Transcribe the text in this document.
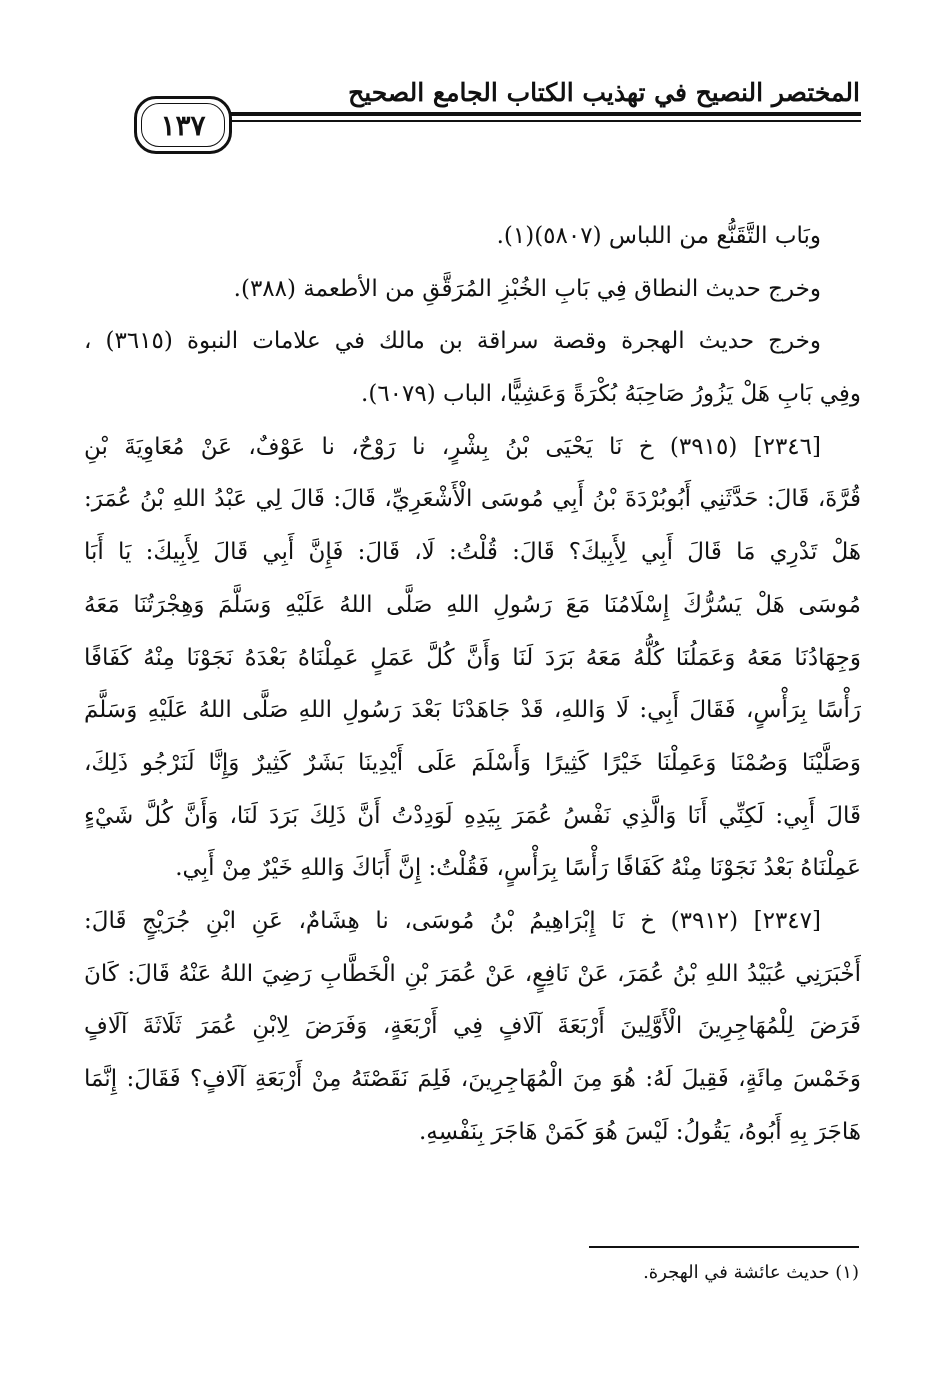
المختصر النصيح في تهذيب الكتاب الجامع الصحيح
١٣٧
وبَاب التَّقَنُّع من اللباس (٥٨٠٧)(١).
وخرج حديث النطاق فِي بَابِ الخُبْزِ المُرَقَّقِ من الأطعمة (٣٨٨).
وخرج حديث الهجرة وقصة سراقة بن مالك في علامات النبوة (٣٦١٥) ،
وفِي بَابِ هَلْ يَزُورُ صَاحِبَهُ بُكْرَةً وَعَشِيًّا، الباب (٦٠٧٩).
[٢٣٤٦] (٣٩١٥) خ نَا يَحْيَى بْنُ بِشْرٍ، نا رَوْحٌ، نا عَوْفٌ، عَنْ مُعَاوِيَةَ بْنِ
قُرَّةَ، قَالَ: حَدَّثَنِي أَبُوبُرْدَةَ بْنُ أَبِي مُوسَى الْأَشْعَرِيِّ، قَالَ: قَالَ لِي عَبْدُ اللهِ بْنُ عُمَرَ:
هَلْ تَدْرِي مَا قَالَ أَبِي لِأَبِيكَ؟ قَالَ: قُلْتُ: لَا، قَالَ: فَإِنَّ أَبِي قَالَ لِأَبِيكَ: يَا أَبَا
مُوسَى هَلْ يَسُرُّكَ إِسْلَامُنَا مَعَ رَسُولِ اللهِ صَلَّى اللهُ عَلَيْهِ وَسَلَّمَ وَهِجْرَتُنَا مَعَهُ
وَجِهَادُنَا مَعَهُ وَعَمَلُنَا كُلُّهُ مَعَهُ بَرَدَ لَنَا وَأَنَّ كُلَّ عَمَلٍ عَمِلْنَاهُ بَعْدَهُ نَجَوْنَا مِنْهُ كَفَافًا
رَأْسًا بِرَأْسٍ، فَقَالَ أَبِي: لَا وَاللهِ، قَدْ جَاهَدْنَا بَعْدَ رَسُولِ اللهِ صَلَّى اللهُ عَلَيْهِ وَسَلَّمَ
وَصَلَّيْنَا وَصُمْنَا وَعَمِلْنَا خَيْرًا كَثِيرًا وَأَسْلَمَ عَلَى أَيْدِينَا بَشَرٌ كَثِيرٌ وَإِنَّا لَنَرْجُو ذَلِكَ،
قَالَ أَبِي: لَكِنِّي أَنَا وَالَّذِي نَفْسُ عُمَرَ بِيَدِهِ لَوَدِدْتُ أَنَّ ذَلِكَ بَرَدَ لَنَا، وَأَنَّ كُلَّ شَيْءٍ
عَمِلْنَاهُ بَعْدُ نَجَوْنَا مِنْهُ كَفَافًا رَأْسًا بِرَأْسٍ، فَقُلْتُ: إِنَّ أَبَاكَ وَاللهِ خَيْرٌ مِنْ أَبِي.
[٢٣٤٧] (٣٩١٢) خ نَا إِبْرَاهِيمُ بْنُ مُوسَى، نا هِشَامٌ، عَنِ ابْنِ جُرَيْجٍ قَالَ:
أَخْبَرَنِي عُبَيْدُ اللهِ بْنُ عُمَرَ، عَنْ نَافِعٍ، عَنْ عُمَرَ بْنِ الْخَطَّابِ رَضِيَ اللهُ عَنْهُ قَالَ: كَانَ
فَرَضَ لِلْمُهَاجِرِينَ الْأَوَّلِينَ أَرْبَعَةَ آلَافٍ فِي أَرْبَعَةٍ، وَفَرَضَ لِابْنِ عُمَرَ ثَلَاثَةَ آلَافٍ
وَخَمْسَ مِائَةٍ، فَقِيلَ لَهُ: هُوَ مِنَ الْمُهَاجِرِينَ، فَلِمَ نَقَصْتَهُ مِنْ أَرْبَعَةِ آلَافٍ؟ فَقَالَ: إِنَّمَا
هَاجَرَ بِهِ أَبُوهُ، يَقُولُ: لَيْسَ هُوَ كَمَنْ هَاجَرَ بِنَفْسِهِ.
(١) حديث عائشة في الهجرة.
